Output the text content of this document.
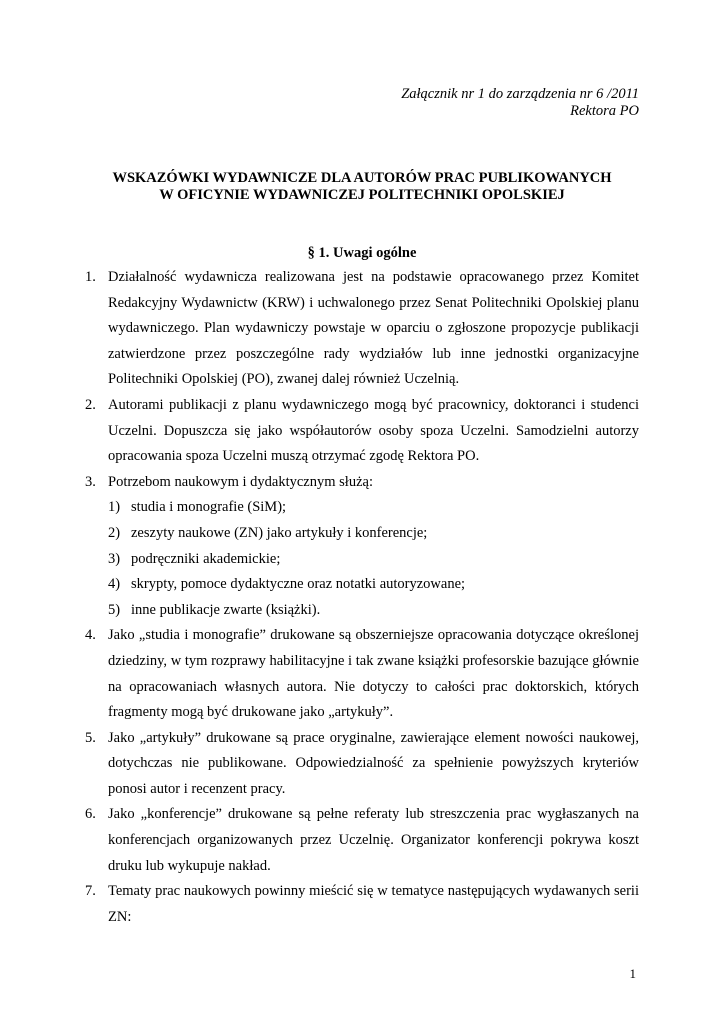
Załącznik nr 1 do zarządzenia nr 6 /2011
Rektora PO
WSKAZÓWKI WYDAWNICZE DLA AUTORÓW PRAC PUBLIKOWANYCH
W OFICYNIE WYDAWNICZEJ POLITECHNIKI OPOLSKIEJ
§ 1. Uwagi ogólne
1. Działalność wydawnicza realizowana jest na podstawie opracowanego przez Komitet Redakcyjny Wydawnictw (KRW) i uchwalonego przez Senat Politechniki Opolskiej planu wydawniczego. Plan wydawniczy powstaje w oparciu o zgłoszone propozycje publikacji zatwierdzone przez poszczególne rady wydziałów lub inne jednostki organizacyjne Politechniki Opolskiej (PO), zwanej dalej również Uczelnią.
2. Autorami publikacji z planu wydawniczego mogą być pracownicy, doktoranci i studenci Uczelni. Dopuszcza się jako współautorów osoby spoza Uczelni. Samodzielni autorzy opracowania spoza Uczelni muszą otrzymać zgodę Rektora PO.
3. Potrzebom naukowym i dydaktycznym służą:
1) studia i monografie (SiM);
2) zeszyty naukowe (ZN) jako artykuły i konferencje;
3) podręczniki akademickie;
4) skrypty, pomoce dydaktyczne oraz notatki autoryzowane;
5) inne publikacje zwarte (książki).
4. Jako „studia i monografie” drukowane są obszerniejsze opracowania dotyczące określonej dziedziny, w tym rozprawy habilitacyjne i tak zwane książki profesorskie bazujące głównie na opracowaniach własnych autora. Nie dotyczy to całości prac doktorskich, których fragmenty mogą być drukowane jako „artykuły”.
5. Jako „artykuły” drukowane są prace oryginalne, zawierające element nowości naukowej, dotychczas nie publikowane. Odpowiedzialność za spełnienie powyższych kryteriów ponosi autor i recenzent pracy.
6. Jako „konferencje” drukowane są pełne referaty lub streszczenia prac wygłaszanych na konferencjach organizowanych przez Uczelnię. Organizator konferencji pokrywa koszt druku lub wykupuje nakład.
7. Tematy prac naukowych powinny mieścić się w tematyce następujących wydawanych serii ZN:
1
